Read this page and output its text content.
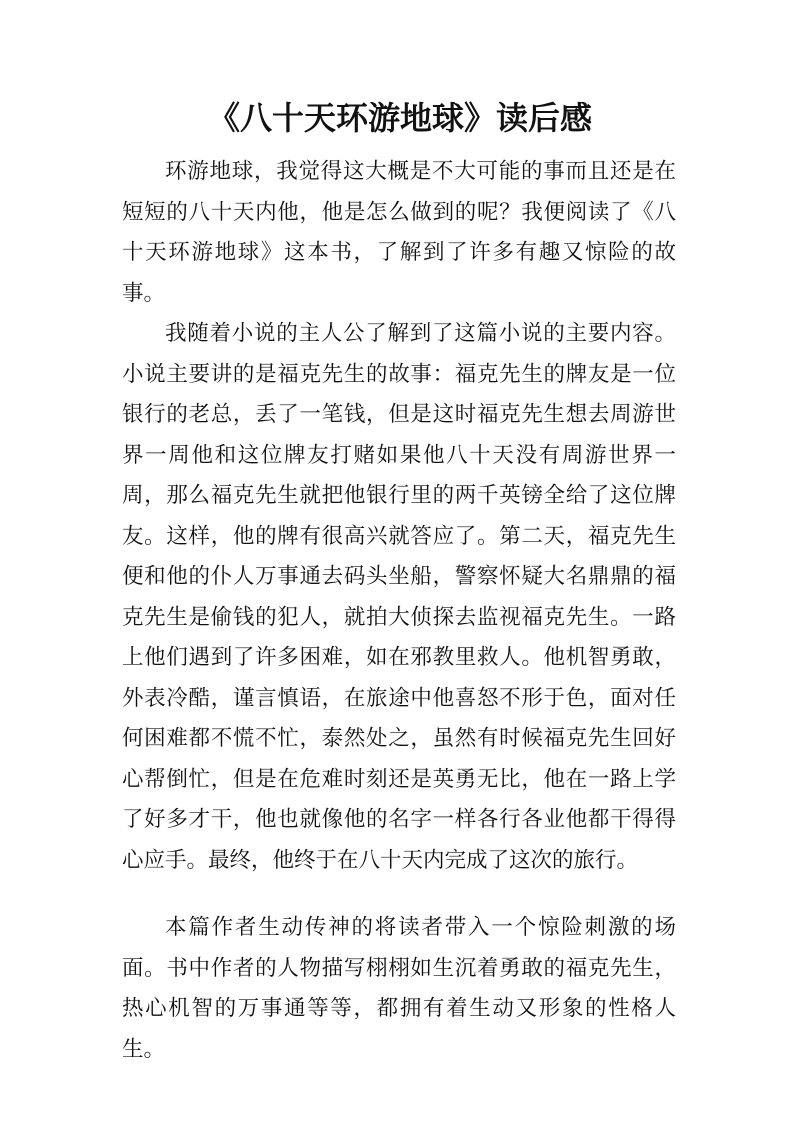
《八十天环游地球》读后感

环游地球，我觉得这大概是不大可能的事而且还是在短短的八十天内他，他是怎么做到的呢？我便阅读了《八十天环游地球》这本书，了解到了许多有趣又惊险的故事。

我随着小说的主人公了解到了这篇小说的主要内容。小说主要讲的是福克先生的故事：福克先生的牌友是一位银行的老总，丢了一笔钱，但是这时福克先生想去周游世界一周他和这位牌友打赌如果他八十天没有周游世界一周，那么福克先生就把他银行里的两千英镑全给了这位牌友。这样，他的牌有很高兴就答应了。第二天，福克先生便和他的仆人万事通去码头坐船，警察怀疑大名鼎鼎的福克先生是偷钱的犯人，就拍大侦探去监视福克先生。一路上他们遇到了许多困难，如在邪教里救人。他机智勇敢，外表冷酷，谨言慎语，在旅途中他喜怒不形于色，面对任何困难都不慌不忙，泰然处之，虽然有时候福克先生回好心帮倒忙，但是在危难时刻还是英勇无比，他在一路上学了好多才干，他也就像他的名字一样各行各业他都干得得心应手。最终，他终于在八十天内完成了这次的旅行。

本篇作者生动传神的将读者带入一个惊险刺激的场面。书中作者的人物描写栩栩如生沉着勇敢的福克先生，热心机智的万事通等等，都拥有着生动又形象的性格人生。
